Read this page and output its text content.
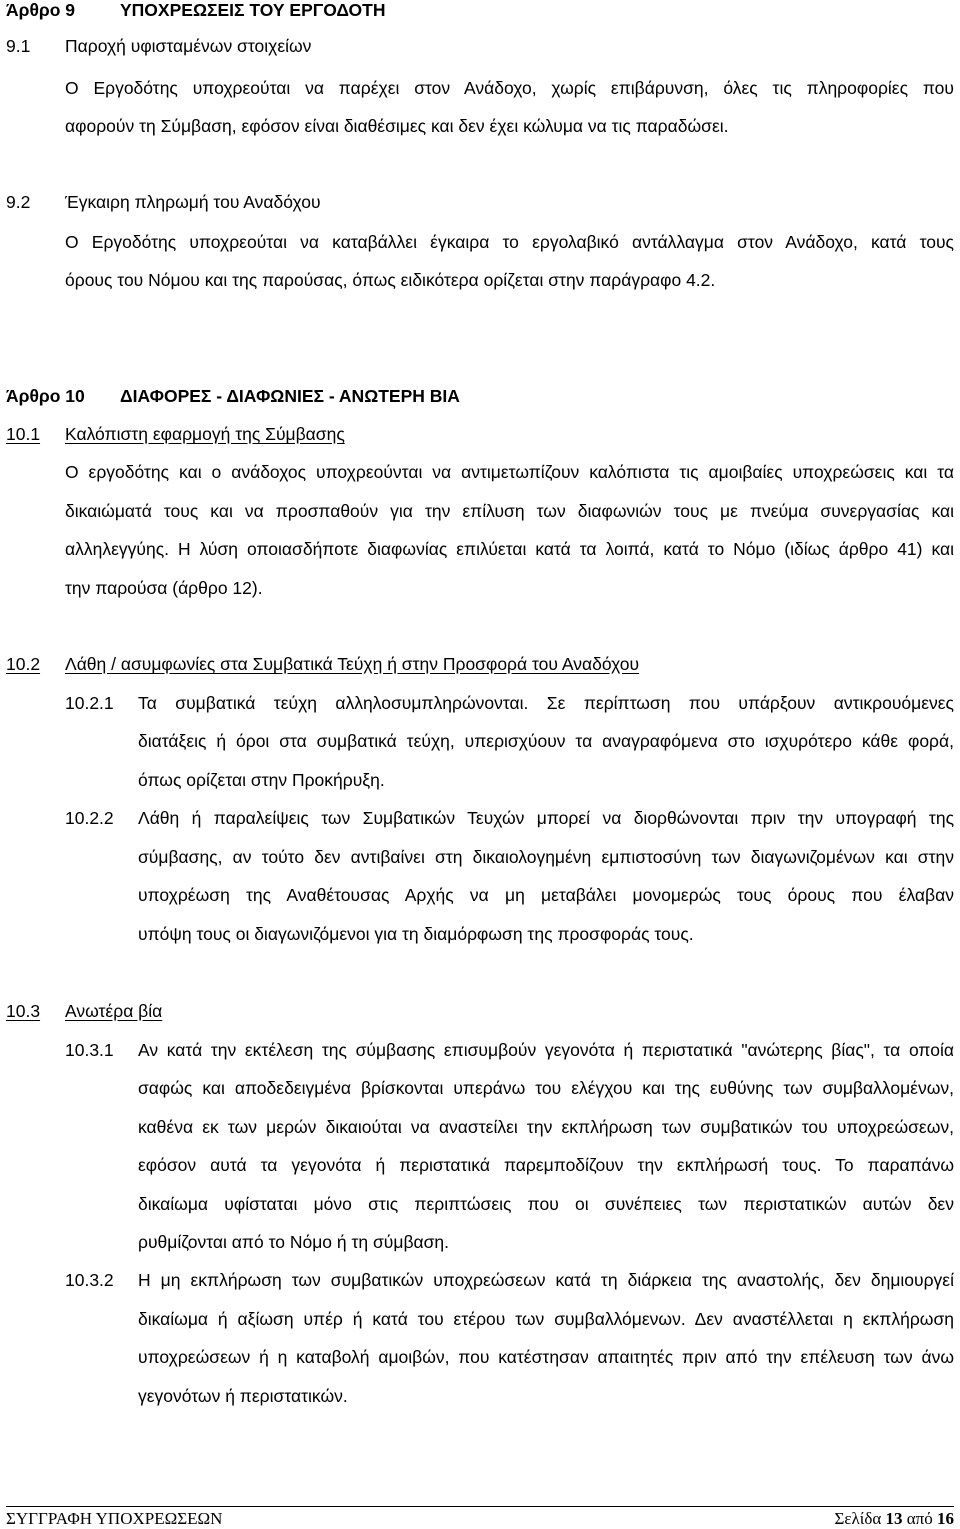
Άρθρο 9	ΥΠΟΧΡΕΩΣΕΙΣ ΤΟΥ ΕΡΓΟΔΟΤΗ
9.1 Παροχή υφισταμένων στοιχείων
Ο Εργοδότης υποχρεούται να παρέχει στον Ανάδοχο, χωρίς επιβάρυνση, όλες τις πληροφορίες που
αφορούν τη Σύμβαση, εφόσον είναι διαθέσιμες και δεν έχει κώλυμα να τις παραδώσει.
9.2 Έγκαιρη πληρωμή του Αναδόχου
Ο Εργοδότης υποχρεούται να καταβάλλει έγκαιρα το εργολαβικό αντάλλαγμα στον Ανάδοχο, κατά τους
όρους του Νόμου και της παρούσας, όπως ειδικότερα ορίζεται στην παράγραφο 4.2.
Άρθρο 10 ΔΙΑΦΟΡΕΣ - ΔΙΑΦΩΝΙΕΣ - ΑΝΩΤΕΡΗ ΒΙΑ
10.1 Καλόπιστη εφαρμογή της Σύμβασης
Ο εργοδότης και ο ανάδοχος υποχρεούνται να αντιμετωπίζουν καλόπιστα τις αμοιβαίες υποχρεώσεις και τα
δικαιώματά τους και να προσπαθούν για την επίλυση των διαφωνιών τους με πνεύμα συνεργασίας και
αλληλεγγύης. Η λύση οποιασδήποτε διαφωνίας επιλύεται κατά τα λοιπά, κατά το Νόμο (ιδίως άρθρο 41) και
την παρούσα (άρθρο 12).
10.2 Λάθη / ασυμφωνίες στα Συμβατικά Τεύχη ή στην Προσφορά του Αναδόχου
10.2.1 Τα συμβατικά τεύχη αλληλοσυμπληρώνονται. Σε περίπτωση που υπάρξουν αντικρουόμενες
διατάξεις ή όροι στα συμβατικά τεύχη, υπερισχύουν τα αναγραφόμενα στο ισχυρότερο κάθε φορά,
όπως ορίζεται στην Προκήρυξη.
10.2.2 Λάθη ή παραλείψεις των Συμβατικών Τευχών μπορεί να διορθώνονται πριν την υπογραφή της
σύμβασης, αν τούτο δεν αντιβαίνει στη δικαιολογημένη εμπιστοσύνη των διαγωνιζομένων και στην
υποχρέωση της Αναθέτουσας Αρχής να μη μεταβάλει μονομερώς τους όρους που έλαβαν
υπόψη τους οι διαγωνιζόμενοι για τη διαμόρφωση της προσφοράς τους.
10.3 Ανωτέρα βία
10.3.1 Αν κατά την εκτέλεση της σύμβασης επισυμβούν γεγονότα ή περιστατικά "ανώτερης βίας", τα οποία
σαφώς και αποδεδειγμένα βρίσκονται υπεράνω του ελέγχου και της ευθύνης των συμβαλλομένων,
καθένα εκ των μερών δικαιούται να αναστείλει την εκπλήρωση των συμβατικών του υποχρεώσεων,
εφόσον αυτά τα γεγονότα ή περιστατικά παρεμποδίζουν την εκπλήρωσή τους. Το παραπάνω
δικαίωμα υφίσταται μόνο στις περιπτώσεις που οι συνέπειες των περιστατικών αυτών δεν
ρυθμίζονται από το Νόμο ή τη σύμβαση.
10.3.2 Η μη εκπλήρωση των συμβατικών υποχρεώσεων κατά τη διάρκεια της αναστολής, δεν δημιουργεί
δικαίωμα ή αξίωση υπέρ ή κατά του ετέρου των συμβαλλόμενων. Δεν αναστέλλεται η εκπλήρωση
υποχρεώσεων ή η καταβολή αμοιβών, που κατέστησαν απαιτητές πριν από την επέλευση των άνω
γεγονότων ή περιστατικών.
ΣΥΓΓΡΑΦΗ ΥΠΟΧΡΕΩΣΕΩΝ	Σελίδα 13 από 16
